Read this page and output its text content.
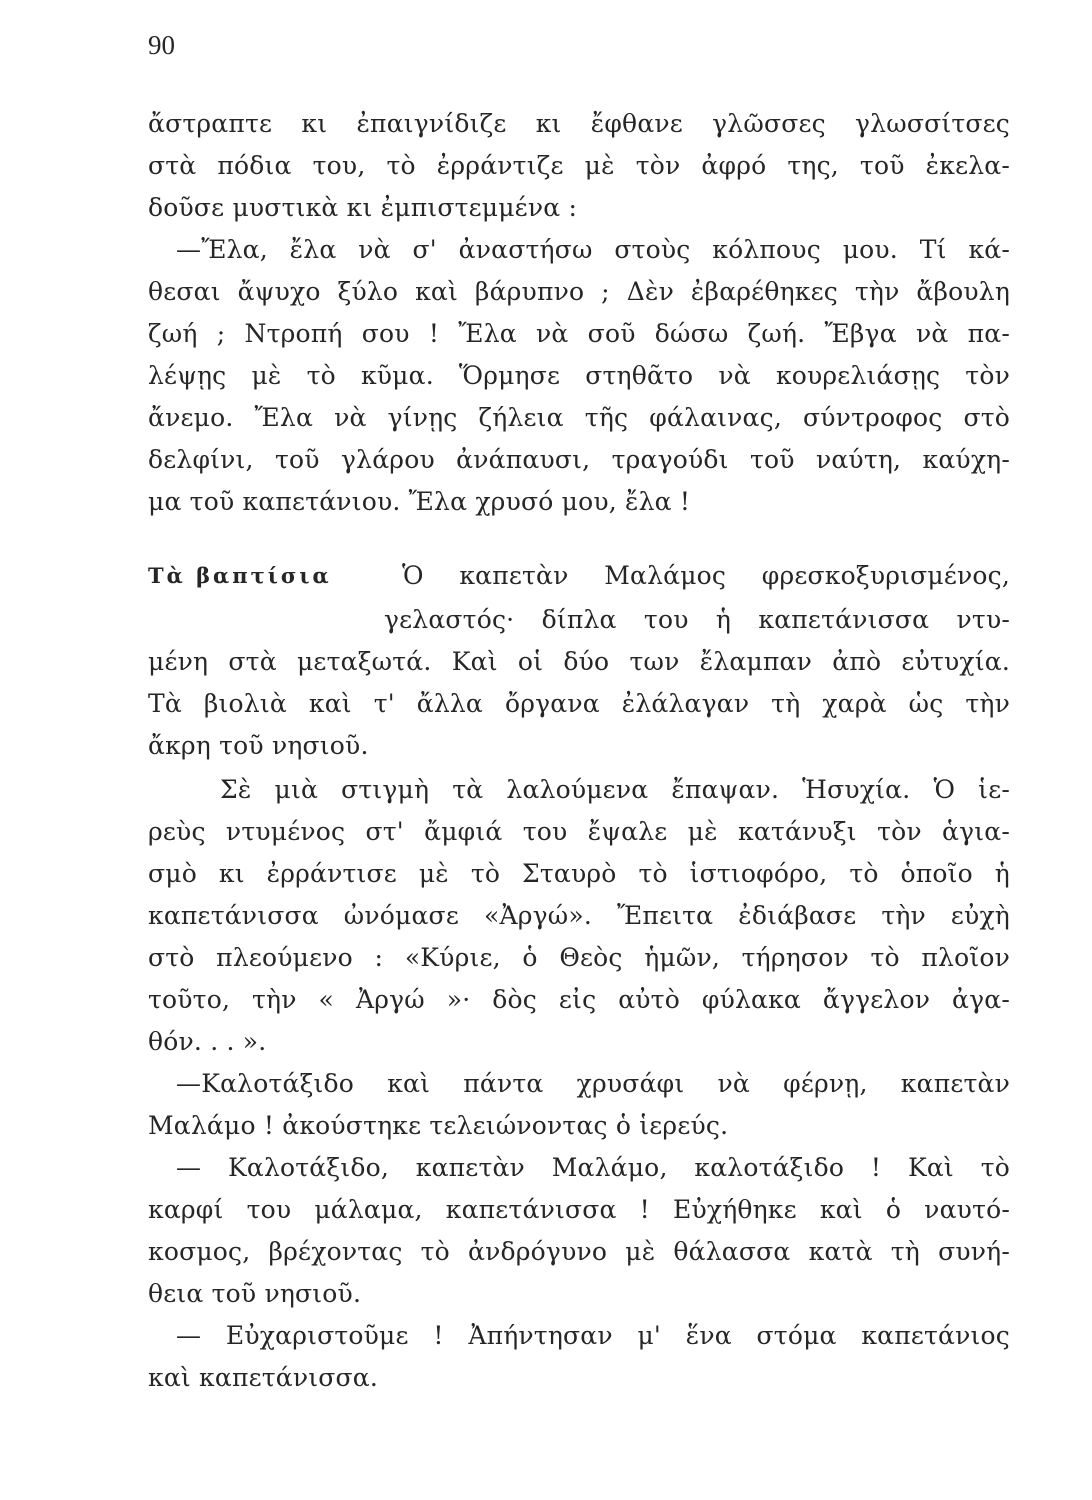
90
ἄστραπτε κι ἐπαιγνίδιζε κι ἔφθανε γλῶσσες γλωσσίτσες
στὰ πόδια του, τὸ ἐρράντιζε μὲ τὸν ἀφρό της, τοῦ ἐκελα-
δοῦσε μυστικὰ κι ἐμπιστεμμένα :
—Ἔλα, ἔλα νὰ σ' ἀναστήσω στοὺς κόλπους μου. Τί κά-
θεσαι ἄψυχο ξύλο καὶ βάρυπνο ; Δὲν ἐβαρέθηκες τὴν ἄβουλη
ζωή ; Ντροπή σου ! Ἔλα νὰ σοῦ δώσω ζωή. Ἔβγα νὰ πα-
λέψῃς μὲ τὸ κῦμα. Ὅρμησε στηθᾶτο νὰ κουρελιάσῃς τὸν
ἄνεμο. Ἔλα νὰ γίνῃς ζήλεια τῆς φάλαινας, σύντροφος στὸ
δελφίνι, τοῦ γλάρου ἀνάπαυσι, τραγούδι τοῦ ναύτη, καύχη-
μα τοῦ καπετάνιου. Ἔλα χρυσό μου, ἔλα !
Τὰ βαπτίσια	Ὁ καπετὰν Μαλάμος φρεσκοξυρισμένος,
γελαστός· δίπλα του ἡ καπετάνισσα ντυ-
μένη στὰ μεταξωτά. Καὶ οἱ δύο των ἔλαμπαν ἀπὸ εὐτυχία.
Τὰ βιολιὰ καὶ τ' ἄλλα ὄργανα ἐλάλαγαν τὴ χαρὰ ὡς τὴν
ἄκρη τοῦ νησιοῦ.
Σὲ μιὰ στιγμὴ τὰ λαλούμενα ἔπαψαν. Ἡσυχία. Ὁ ἱε-
ρεὺς ντυμένος στ' ἄμφιά του ἔψαλε μὲ κατάνυξι τὸν ἁγια-
σμὸ κι ἐρράντισε μὲ τὸ Σταυρὸ τὸ ἱστιοφόρο, τὸ ὁποῖο ἡ
καπετάνισσα ὠνόμασε «Ἀργώ». Ἔπειτα ἐδιάβασε τὴν εὐχὴ
στὸ πλεούμενο : «Κύριε, ὁ Θεὸς ἡμῶν, τήρησον τὸ πλοῖον
τοῦτο, τὴν « Ἀργώ »· δὸς εἰς αὐτὸ φύλακα ἄγγελον ἀγα-
θόν. . . ».
—Καλοτάξιδο καὶ πάντα χρυσάφι νὰ φέρνῃ, καπετὰν
Μαλάμο ! ἀκούστηκε τελειώνοντας ὁ ἱερεύς.
— Καλοτάξιδο, καπετὰν Μαλάμο, καλοτάξιδο ! Καὶ τὸ
καρφί του μάλαμα, καπετάνισσα ! Εὐχήθηκε καὶ ὁ ναυτό-
κοσμος, βρέχοντας τὸ ἀνδρόγυνο μὲ θάλασσα κατὰ τὴ συνή-
θεια τοῦ νησιοῦ.
— Εὐχαριστοῦμε ! Ἀπήντησαν μ' ἕνα στόμα καπετάνιος
καὶ καπετάνισσα.
